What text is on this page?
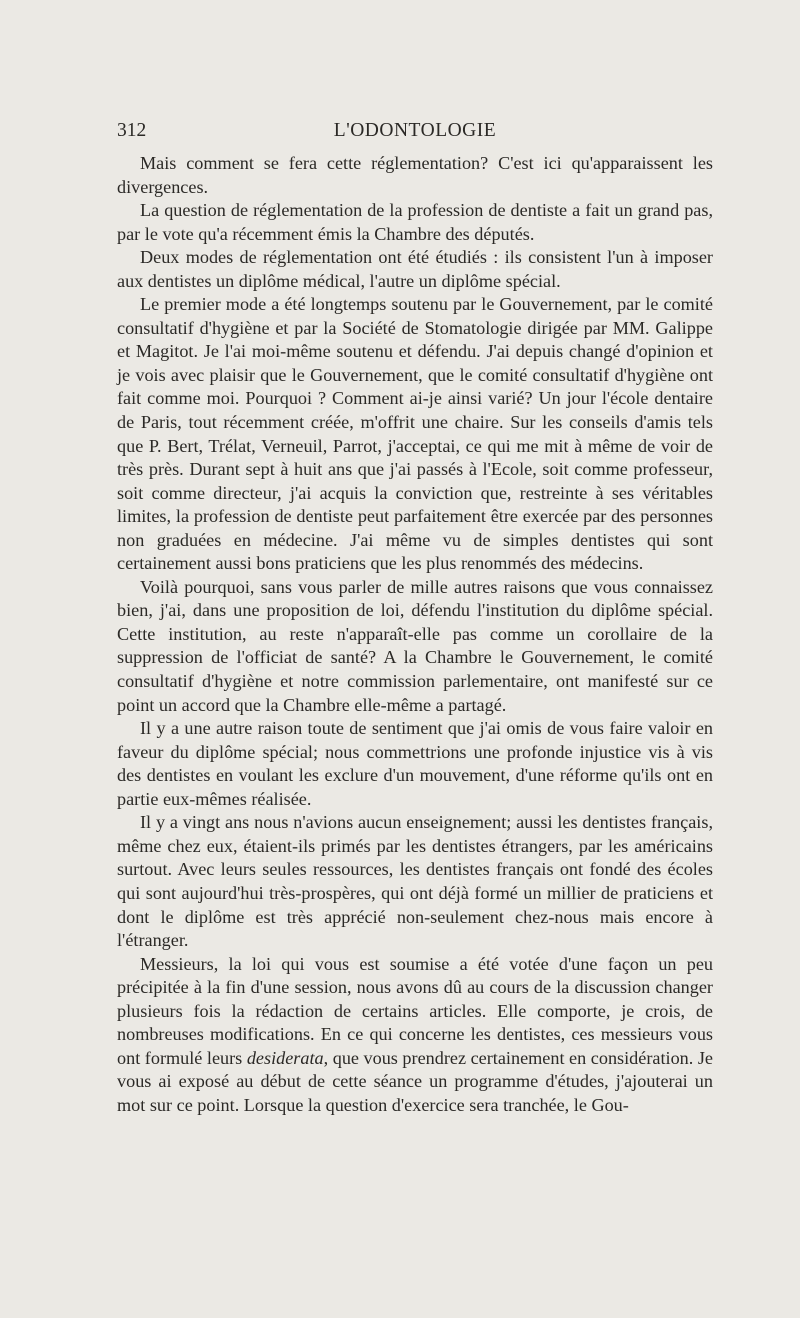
312	L'ODONTOLOGIE

Mais comment se fera cette réglementation? C'est ici qu'apparaissent les divergences.

La question de réglementation de la profession de dentiste a fait un grand pas, par le vote qu'a récemment émis la Chambre des députés.

Deux modes de réglementation ont été étudiés : ils consistent l'un à imposer aux dentistes un diplôme médical, l'autre un diplôme spécial.

Le premier mode a été longtemps soutenu par le Gouvernement, par le comité consultatif d'hygiène et par la Société de Stomatologie dirigée par MM. Galippe et Magitot. Je l'ai moi-même soutenu et défendu. J'ai depuis changé d'opinion et je vois avec plaisir que le Gouvernement, que le comité consultatif d'hygiène ont fait comme moi. Pourquoi ? Comment ai-je ainsi varié? Un jour l'école dentaire de Paris, tout récemment créée, m'offrit une chaire. Sur les conseils d'amis tels que P. Bert, Trélat, Verneuil, Parrot, j'acceptai, ce qui me mit à même de voir de très près. Durant sept à huit ans que j'ai passés à l'Ecole, soit comme professeur, soit comme directeur, j'ai acquis la conviction que, restreinte à ses véritables limites, la profession de dentiste peut parfaitement être exercée par des personnes non graduées en médecine. J'ai même vu de simples dentistes qui sont certainement aussi bons praticiens que les plus renommés des médecins.

Voilà pourquoi, sans vous parler de mille autres raisons que vous connaissez bien, j'ai, dans une proposition de loi, défendu l'institution du diplôme spécial. Cette institution, au reste n'apparaît-elle pas comme un corollaire de la suppression de l'officiat de santé? A la Chambre le Gouvernement, le comité consultatif d'hygiène et notre commission parlementaire, ont manifesté sur ce point un accord que la Chambre elle-même a partagé.

Il y a une autre raison toute de sentiment que j'ai omis de vous faire valoir en faveur du diplôme spécial; nous commettrions une profonde injustice vis à vis des dentistes en voulant les exclure d'un mouvement, d'une réforme qu'ils ont en partie eux-mêmes réalisée.

Il y a vingt ans nous n'avions aucun enseignement; aussi les dentistes français, même chez eux, étaient-ils primés par les dentistes étrangers, par les américains surtout. Avec leurs seules ressources, les dentistes français ont fondé des écoles qui sont aujourd'hui très-prospères, qui ont déjà formé un millier de praticiens et dont le diplôme est très apprécié non-seulement chez-nous mais encore à l'étranger.

Messieurs, la loi qui vous est soumise a été votée d'une façon un peu précipitée à la fin d'une session, nous avons dû au cours de la discussion changer plusieurs fois la rédaction de certains articles. Elle comporte, je crois, de nombreuses modifications. En ce qui concerne les dentistes, ces messieurs vous ont formulé leurs desiderata, que vous prendrez certainement en considération. Je vous ai exposé au début de cette séance un programme d'études, j'ajouterai un mot sur ce point. Lorsque la question d'exercice sera tranchée, le Gou-
